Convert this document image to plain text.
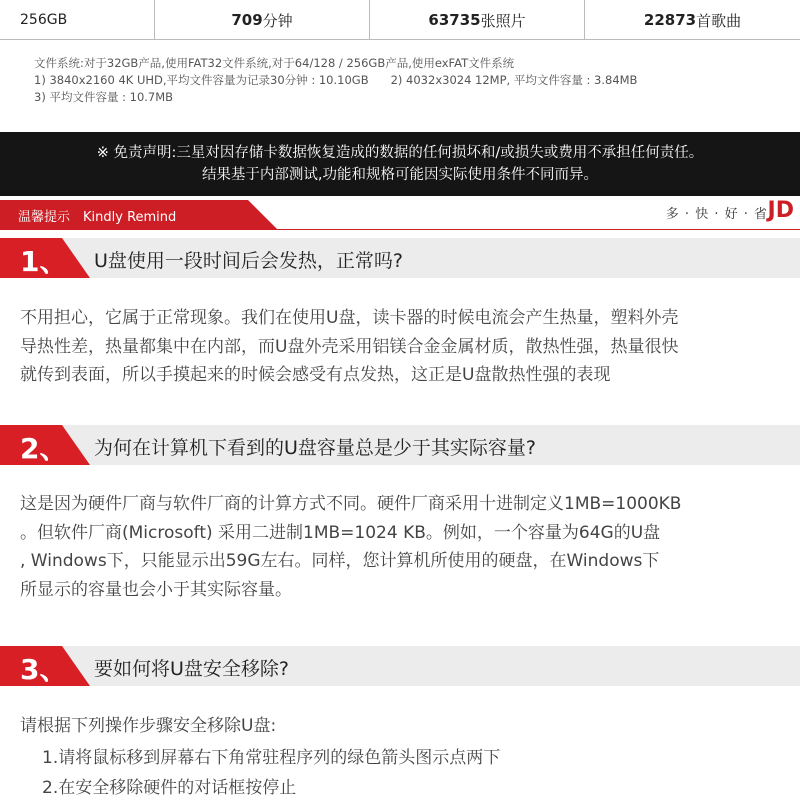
256GB	709 分钟	63735 张照片	22873 首歌曲
文件系统:对于32GB产品,使用FAT32文件系统,对于64/128 / 256GB产品,使用exFAT文件系统
1) 3840x2160 4K UHD,平均文件容量为记录30分钟 : 10.10GB 2) 4032x3024 12MP, 平均文件容量 : 3.84MB
3) 平均文件容量 : 10.7MB
※ 免责声明:三星对因存储卡数据恢复造成的数据的任何损坏和/或损失或费用不承担任何责任。
结果基于内部测试,功能和规格可能因实际使用条件不同而异。
温馨提示　Kindly Remind	多 · 快 · 好 · 省 JD
1、 U盘使用一段时间后会发热，正常吗?
不用担心，它属于正常现象。我们在使用U盘，读卡器的时候电流会产生热量，塑料外壳
导热性差，热量都集中在内部，而U盘外壳采用铝镁合金金属材质，散热性强，热量很快
就传到表面，所以手摸起来的时候会感受有点发热，这正是U盘散热性强的表现
2、 为何在计算机下看到的U盘容量总是少于其实际容量?
这是因为硬件厂商与软件厂商的计算方式不同。硬件厂商采用十进制定义1MB=1000KB
。但软件厂商(Microsoft) 采用二进制1MB=1024 KB。例如，一个容量为64G的U盘
, Windows下，只能显示出59G左右。同样，您计算机所使用的硬盘，在Windows下
所显示的容量也会小于其实际容量。
3、 要如何将U盘安全移除?
请根据下列操作步骤安全移除U盘:
1.请将鼠标移到屏幕右下角常驻程序列的绿色箭头图示点两下
2.在安全移除硬件的对话框按停止
